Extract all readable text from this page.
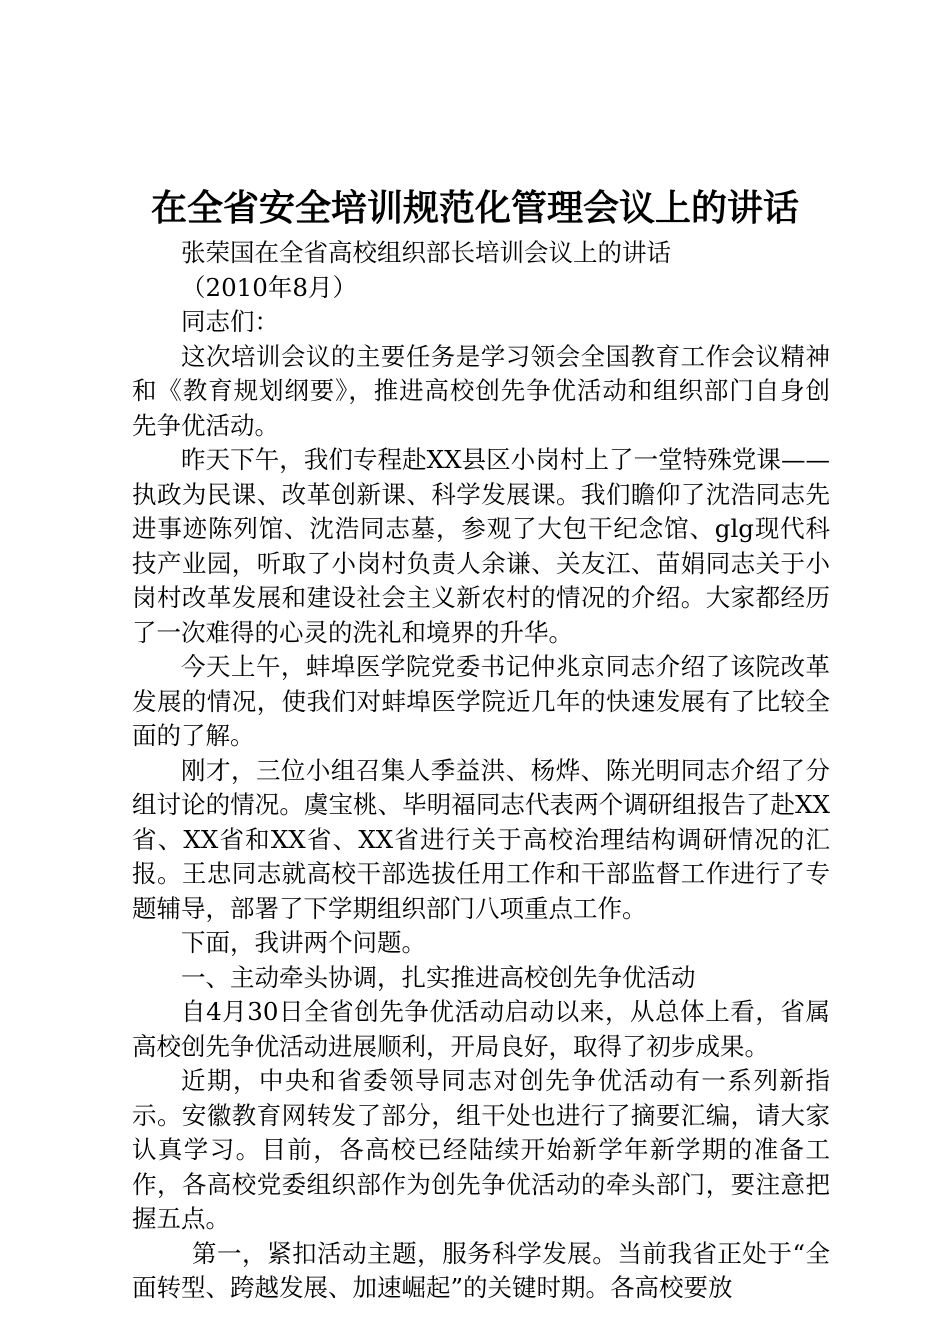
在全省安全培训规范化管理会议上的讲话

张荣国在全省高校组织部长培训会议上的讲话

（2010年8月）

同志们：

这次培训会议的主要任务是学习领会全国教育工作会议精神和《教育规划纲要》，推进高校创先争优活动和组织部门自身创先争优活动。

昨天下午，我们专程赴XX县区小岗村上了一堂特殊党课——执政为民课、改革创新课、科学发展课。我们瞻仰了沈浩同志先进事迹陈列馆、沈浩同志墓，参观了大包干纪念馆、glg现代科技产业园，听取了小岗村负责人余谦、关友江、苗娟同志关于小岗村改革发展和建设社会主义新农村的情况的介绍。大家都经历了一次难得的心灵的洗礼和境界的升华。

今天上午，蚌埠医学院党委书记仲兆京同志介绍了该院改革发展的情况，使我们对蚌埠医学院近几年的快速发展有了比较全面的了解。

刚才，三位小组召集人季益洪、杨烨、陈光明同志介绍了分组讨论的情况。虞宝桃、毕明福同志代表两个调研组报告了赴XX省、XX省和XX省、XX省进行关于高校治理结构调研情况的汇报。王忠同志就高校干部选拔任用工作和干部监督工作进行了专题辅导，部署了下学期组织部门八项重点工作。

下面，我讲两个问题。

一、主动牵头协调，扎实推进高校创先争优活动

自4月30日全省创先争优活动启动以来，从总体上看，省属高校创先争优活动进展顺利，开局良好，取得了初步成果。

近期，中央和省委领导同志对创先争优活动有一系列新指示。安徽教育网转发了部分，组干处也进行了摘要汇编，请大家认真学习。目前，各高校已经陆续开始新学年新学期的准备工作，各高校党委组织部作为创先争优活动的牵头部门，要注意把握五点。

第一，紧扣活动主题，服务科学发展。当前我省正处于“全面转型、跨越发展、加速崛起”的关键时期。各高校要放
